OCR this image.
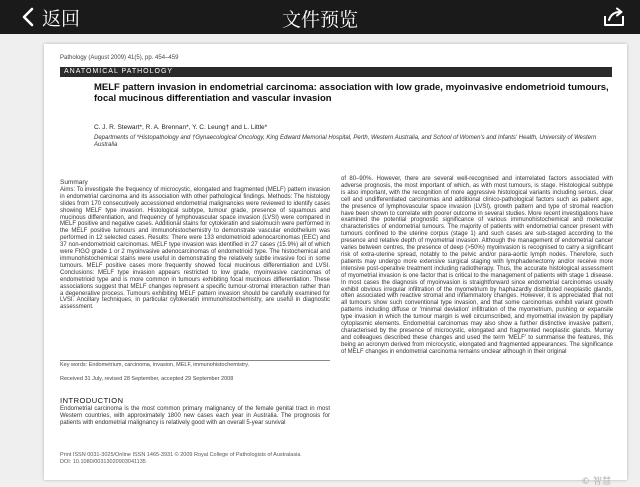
返回	文件预览
Pathology (August 2009) 41(5), pp. 454–459
ANATOMICAL PATHOLOGY
MELF pattern invasion in endometrial carcinoma: association with low grade, myoinvasive endometrioid tumours, focal mucinous differentiation and vascular invasion
C. J. R. Stewart*, R. A. Brennan*, Y. C. Leung† and L. Little*
Departments of *Histopathology and †Gynaecological Oncology, King Edward Memorial Hospital, Perth, Western Australia, and School of Women's and Infants' Health, University of Western Australia

Summary

Aims: To investigate the frequency of microcystic, elongated and fragmented (MELF) pattern invasion in endometrial carcinoma and its association with other pathological findings. Methods: The histology slides from 170 consecutively accessioned endometrial malignancies were reviewed to identify cases showing MELF type invasion. Histological subtype, tumour grade, presence of squamous and mucinous differentiation, and frequency of lymphovascular space invasion (LVSI) were compared in MELF positive and negative cases. Additional stains for cytokeratin and sialomucin were performed in the MELF positive tumours and immunohistochemistry to demonstrate vascular endothelium was performed in 12 selected cases. Results: There were 133 endometrioid adenocarcinomas (EEC) and 37 non-endometrioid carcinomas. MELF type invasion was identified in 27 cases (15.9%) all of which were FIGO grade 1 or 2 myoinvasive adenocarcinomas of endometrioid type. The histochemical and immunohistochemical stains were useful in demonstrating the relatively subtle invasive foci in some tumours. MELF positive cases more frequently showed focal mucinous differentiation and LVSI. Conclusions: MELF type invasion appears restricted to low grade, myoinvasive carcinomas of endometrioid type and is more common in tumours exhibiting focal mucinous differentiation. These associations suggest that MELF changes represent a specific tumour-stromal interaction rather than a degenerative process. Tumours exhibiting MELF pattern invasion should be carefully examined for LVSI. Ancillary techniques, in particular cytokeratin immunohistochemistry, are useful in diagnostic assessment.

Key words: Endometrium, carcinoma, invasion, MELF, immunohistochemistry.
Received 31 July, revised 28 September, accepted 29 September 2008
INTRODUCTION
Endometrial carcinoma is the most common primary malignancy of the female genital tract in most Western countries, with approximately 1800 new cases each year in Australia. The prognosis for patients with endometrial malignancy is relatively good with an overall 5-year survival

of 80–90%. However, there are several well-recognised and interrelated factors associated with adverse prognosis, the most important of which, as with most tumours, is stage. Histological subtype is also important, with the recognition of more aggressive histological variants including serous, clear cell and undifferentiated carcinomas and additional clinico-pathological factors such as patient age, the presence of lymphovascular space invasion (LVSI), growth pattern and type of stromal reaction have been shown to correlate with poorer outcome in several studies. More recent investigations have examined the potential prognostic significance of various immunohistochemical and molecular characteristics of endometrial tumours. The majority of patients with endometrial cancer present with tumours confined to the uterine corpus (stage 1) and such cases are sub-staged according to the presence and relative depth of myometrial invasion. Although the management of endometrial cancer varies between centres, the presence of deep (>50%) myoinvasion is recognised to carry a significant risk of extra-uterine spread, notably to the pelvic and/or para-aortic lymph nodes. Therefore, such patients may undergo more extensive surgical staging with lymphadenectomy and/or receive more intensive post-operative treatment including radiotherapy. Thus, the accurate histological assessment of myometrial invasion is one factor that is critical to the management of patients with stage 1 disease. In most cases the diagnosis of myoinvasion is straightforward since endometrial carcinomas usually exhibit obvious irregular infiltration of the myometrium by haphazardly distributed neoplastic glands, often associated with reactive stromal and inflammatory changes. However, it is appreciated that not all tumours show such conventional type invasion, and that some carcinomas exhibit variant growth patterns including diffuse or 'minimal deviation' infiltration of the myometrium, pushing or expansile type invasion in which the tumour margin is well circumscribed, and myometrial invasion by papillary cytoplasmic elements. Endometrial carcinomas may also show a further distinctive invasive pattern, characterised by the presence of microcystic, elongated and fragmented neoplastic glands. Murray and colleagues described these changes and used the term 'MELF' to summarise the features, this being an acronym derived from microcystic, elongated and fragmented appearances. The significance of MELF changes in endometrial carcinoma remains unclear although in their original

Print ISSN 0031-3025/Online ISSN 1465-3931 © 2009 Royal College of Pathologists of Australasia
DOI: 10.1080/00313020903041135
© 智慧
